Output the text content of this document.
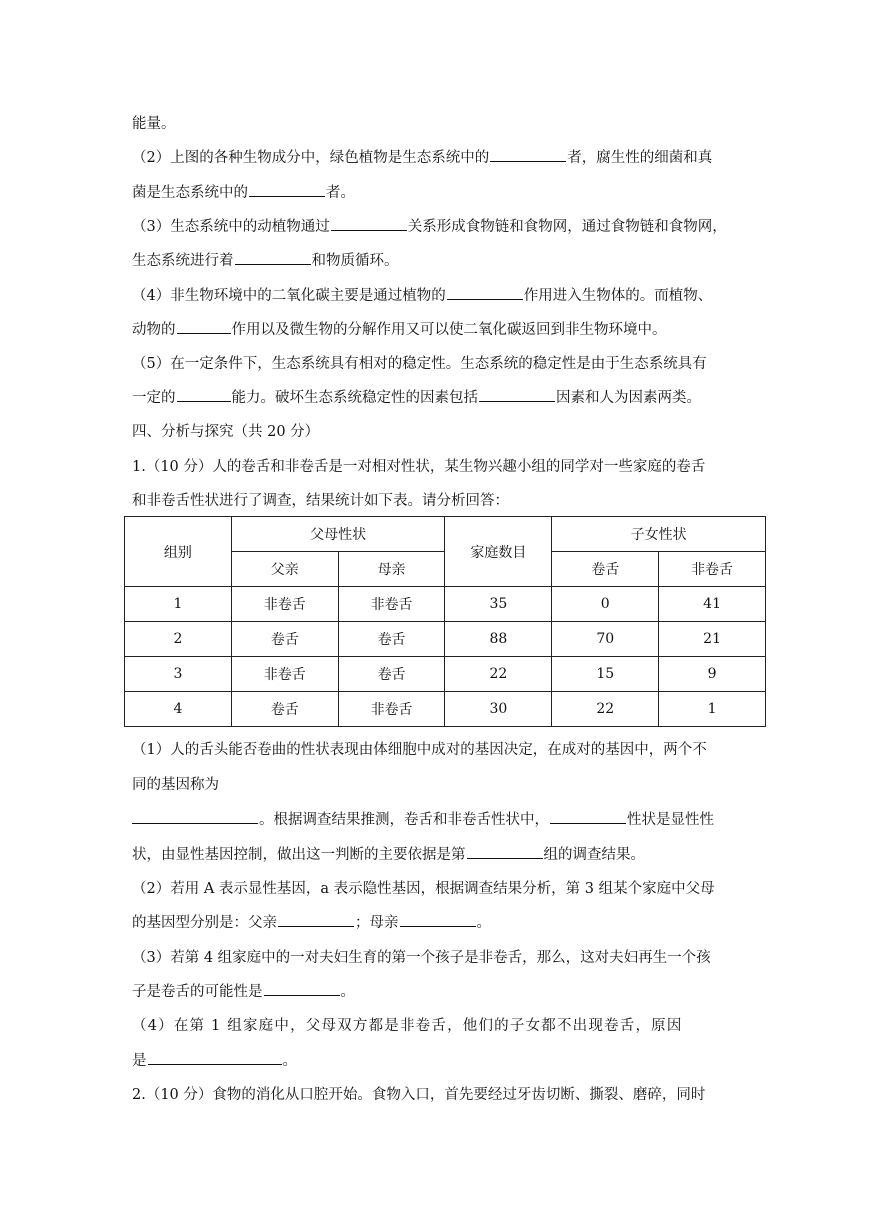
能量。
（2）上图的各种生物成分中，绿色植物是生态系统中的	者，腐生性的细菌和真
菌是生态系统中的	者。
（3）生态系统中的动植物通过	关系形成食物链和食物网，通过食物链和食物网，
生态系统进行着	和物质循环。
（4）非生物环境中的二氧化碳主要是通过植物的	作用进入生物体的。而植物、
动物的	作用以及微生物的分解作用又可以使二氧化碳返回到非生物环境中。
（5）在一定条件下，生态系统具有相对的稳定性。生态系统的稳定性是由于生态系统具有
一定的	能力。破坏生态系统稳定性的因素包括	因素和人为因素两类。
四、分析与探究（共 20 分）
1.（10 分）人的卷舌和非卷舌是一对相对性状，某生物兴趣小组的同学对一些家庭的卷舌
和非卷舌性状进行了调查，结果统计如下表。请分析回答：
组别	父母性状		家庭数目	子女性状	
	父亲	母亲		卷舌	非卷舌
1	非卷舌	非卷舌	35	0	41
2	卷舌	卷舌	88	70	21
3	非卷舌	卷舌	22	15	9
4	卷舌	非卷舌	30	22	1
（1）人的舌头能否卷曲的性状表现由体细胞中成对的基因决定，在成对的基因中，两个不
同的基因称为
。根据调查结果推测，卷舌和非卷舌性状中，	性状是显性性
状，由显性基因控制，做出这一判断的主要依据是第	组的调查结果。
（2）若用 A 表示显性基因，a 表示隐性基因，根据调查结果分析，第 3 组某个家庭中父母
的基因型分别是：父亲	；母亲	。
（3）若第 4 组家庭中的一对夫妇生育的第一个孩子是非卷舌，那么，这对夫妇再生一个孩
子是卷舌的可能性是	。
（4）在第 1 组家庭中，父母双方都是非卷舌，他们的子女都不出现卷舌，原因
是	。
2.（10 分）食物的消化从口腔开始。食物入口，首先要经过牙齿切断、撕裂、磨碎，同时
